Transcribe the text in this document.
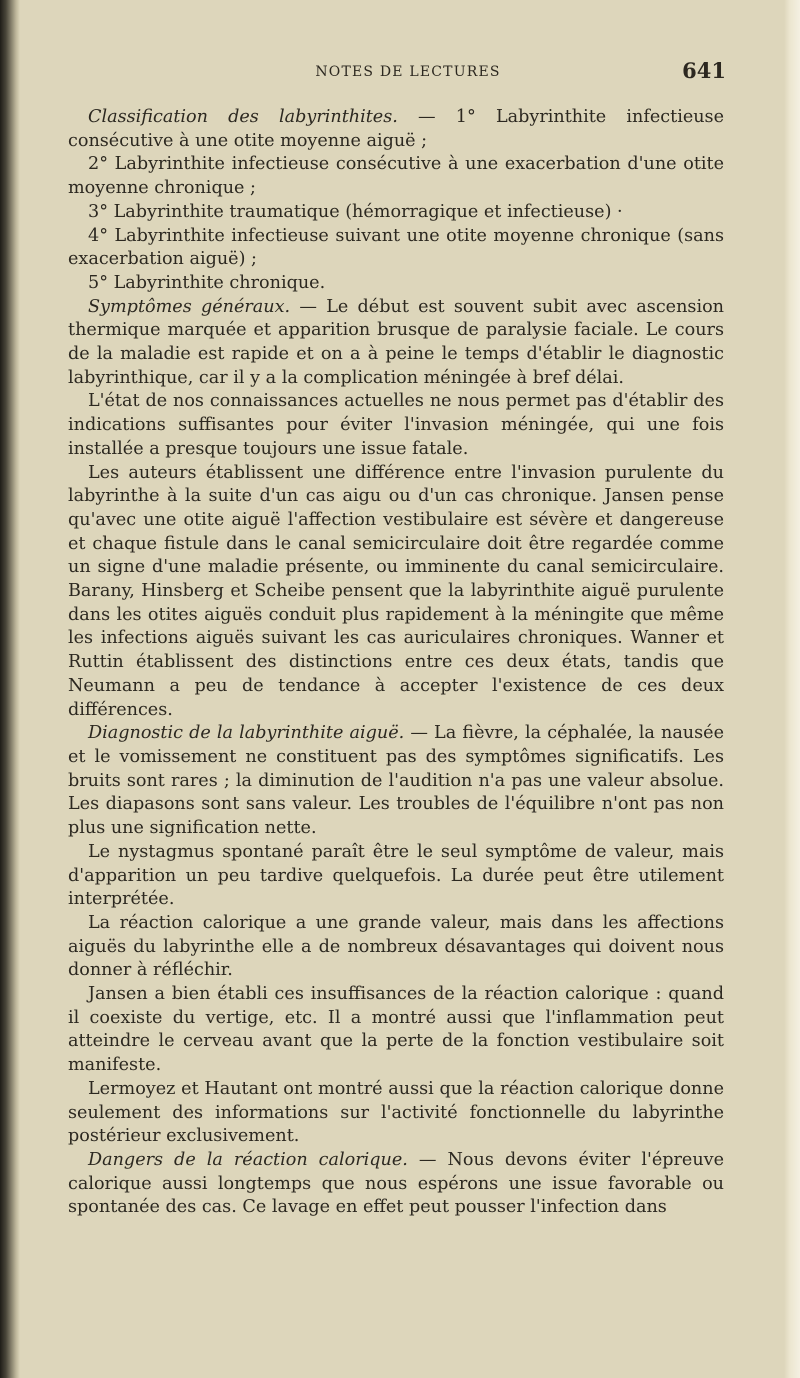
NOTES DE LECTURES	641

Classification des labyrinthites. — 1° Labyrinthite infectieuse consécutive à une otite moyenne aiguë ;

2° Labyrinthite infectieuse consécutive à une exacerbation d'une otite moyenne chronique ;

3° Labyrinthite traumatique (hémorragique et infectieuse) ·

4° Labyrinthite infectieuse suivant une otite moyenne chronique (sans exacerbation aiguë) ;

5° Labyrinthite chronique.

Symptômes généraux. — Le début est souvent subit avec ascension thermique marquée et apparition brusque de paralysie faciale. Le cours de la maladie est rapide et on a à peine le temps d'établir le diagnostic labyrinthique, car il y a la complication méningée à bref délai.

L'état de nos connaissances actuelles ne nous permet pas d'établir des indications suffisantes pour éviter l'invasion méningée, qui une fois installée a presque toujours une issue fatale.

Les auteurs établissent une différence entre l'invasion purulente du labyrinthe à la suite d'un cas aigu ou d'un cas chronique. Jansen pense qu'avec une otite aiguë l'affection vestibulaire est sévère et dangereuse et chaque fistule dans le canal semicirculaire doit être regardée comme un signe d'une maladie présente, ou imminente du canal semicirculaire. Barany, Hinsberg et Scheibe pensent que la labyrinthite aiguë purulente dans les otites aiguës conduit plus rapidement à la méningite que même les infections aiguës suivant les cas auriculaires chroniques. Wanner et Ruttin établissent des distinctions entre ces deux états, tandis que Neumann a peu de tendance à accepter l'existence de ces deux différences.

Diagnostic de la labyrinthite aiguë. — La fièvre, la céphalée, la nausée et le vomissement ne constituent pas des symptômes significatifs. Les bruits sont rares ; la diminution de l'audition n'a pas une valeur absolue. Les diapasons sont sans valeur. Les troubles de l'équilibre n'ont pas non plus une signification nette.

Le nystagmus spontané paraît être le seul symptôme de valeur, mais d'apparition un peu tardive quelquefois. La durée peut être utilement interprétée.

La réaction calorique a une grande valeur, mais dans les affections aiguës du labyrinthe elle a de nombreux désavantages qui doivent nous donner à réfléchir.

Jansen a bien établi ces insuffisances de la réaction calorique : quand il coexiste du vertige, etc. Il a montré aussi que l'inflammation peut atteindre le cerveau avant que la perte de la fonction vestibulaire soit manifeste.

Lermoyez et Hautant ont montré aussi que la réaction calorique donne seulement des informations sur l'activité fonctionnelle du labyrinthe postérieur exclusivement.

Dangers de la réaction calorique. — Nous devons éviter l'épreuve calorique aussi longtemps que nous espérons une issue favorable ou spontanée des cas. Ce lavage en effet peut pousser l'infection dans
